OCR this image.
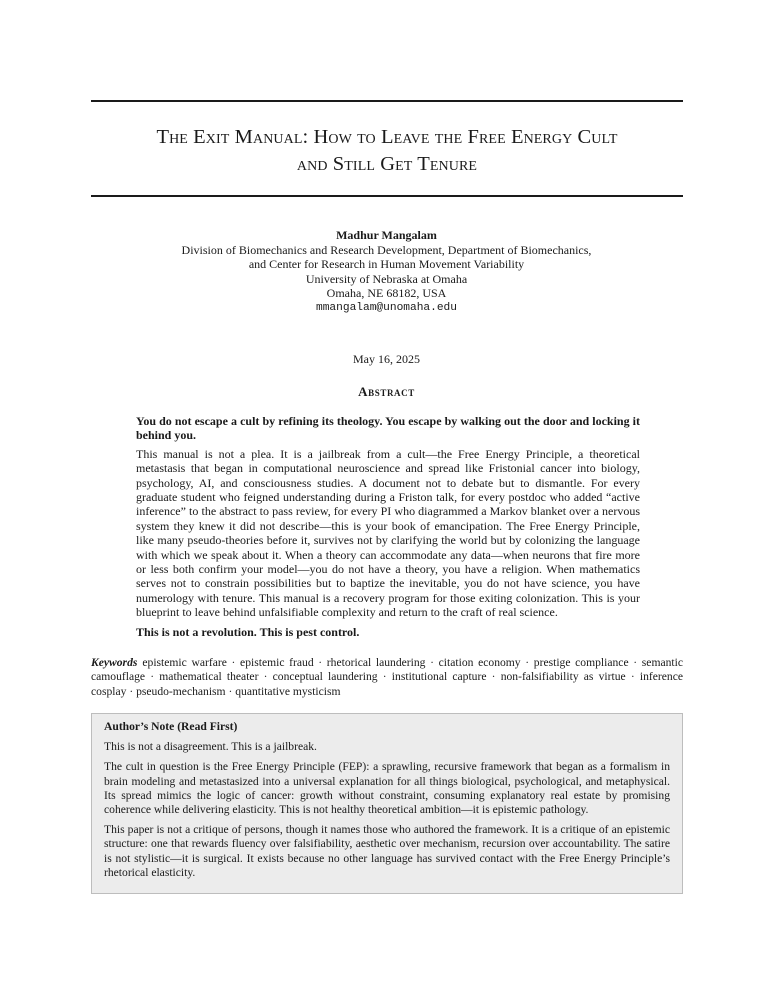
The Exit Manual: How to Leave the Free Energy Cult
and Still Get Tenure
Madhur Mangalam
Division of Biomechanics and Research Development, Department of Biomechanics,
and Center for Research in Human Movement Variability
University of Nebraska at Omaha
Omaha, NE 68182, USA
mmangalam@unomaha.edu
May 16, 2025
Abstract

You do not escape a cult by refining its theology. You escape by walking out the door and locking it behind you.

This manual is not a plea. It is a jailbreak from a cult—the Free Energy Principle, a theoretical metastasis that began in computational neuroscience and spread like Fristonial cancer into biology, psychology, AI, and consciousness studies. A document not to debate but to dismantle. For every graduate student who feigned understanding during a Friston talk, for every postdoc who added “active inference” to the abstract to pass review, for every PI who diagrammed a Markov blanket over a nervous system they knew it did not describe—this is your book of emancipation. The Free Energy Principle, like many pseudo-theories before it, survives not by clarifying the world but by colonizing the language with which we speak about it. When a theory can accommodate any data—when neurons that fire more or less both confirm your model—you do not have a theory, you have a religion. When mathematics serves not to constrain possibilities but to baptize the inevitable, you do not have science, you have numerology with tenure. This manual is a recovery program for those exiting colonization. This is your blueprint to leave behind unfalsifiable complexity and return to the craft of real science.

This is not a revolution. This is pest control.

Keywords epistemic warfare · epistemic fraud · rhetorical laundering · citation economy · prestige compliance · semantic camouflage · mathematical theater · conceptual laundering · institutional capture · non-falsifiability as virtue · inference cosplay · pseudo-mechanism · quantitative mysticism
Author’s Note (Read First)

This is not a disagreement. This is a jailbreak.

The cult in question is the Free Energy Principle (FEP): a sprawling, recursive framework that began as a formalism in brain modeling and metastasized into a universal explanation for all things biological, psychological, and metaphysical. Its spread mimics the logic of cancer: growth without constraint, consuming explanatory real estate by promising coherence while delivering elasticity. This is not healthy theoretical ambition—it is epistemic pathology.

This paper is not a critique of persons, though it names those who authored the framework. It is a critique of an epistemic structure: one that rewards fluency over falsifiability, aesthetic over mechanism, recursion over accountability. The satire is not stylistic—it is surgical. It exists because no other language has survived contact with the Free Energy Principle’s rhetorical elasticity.
